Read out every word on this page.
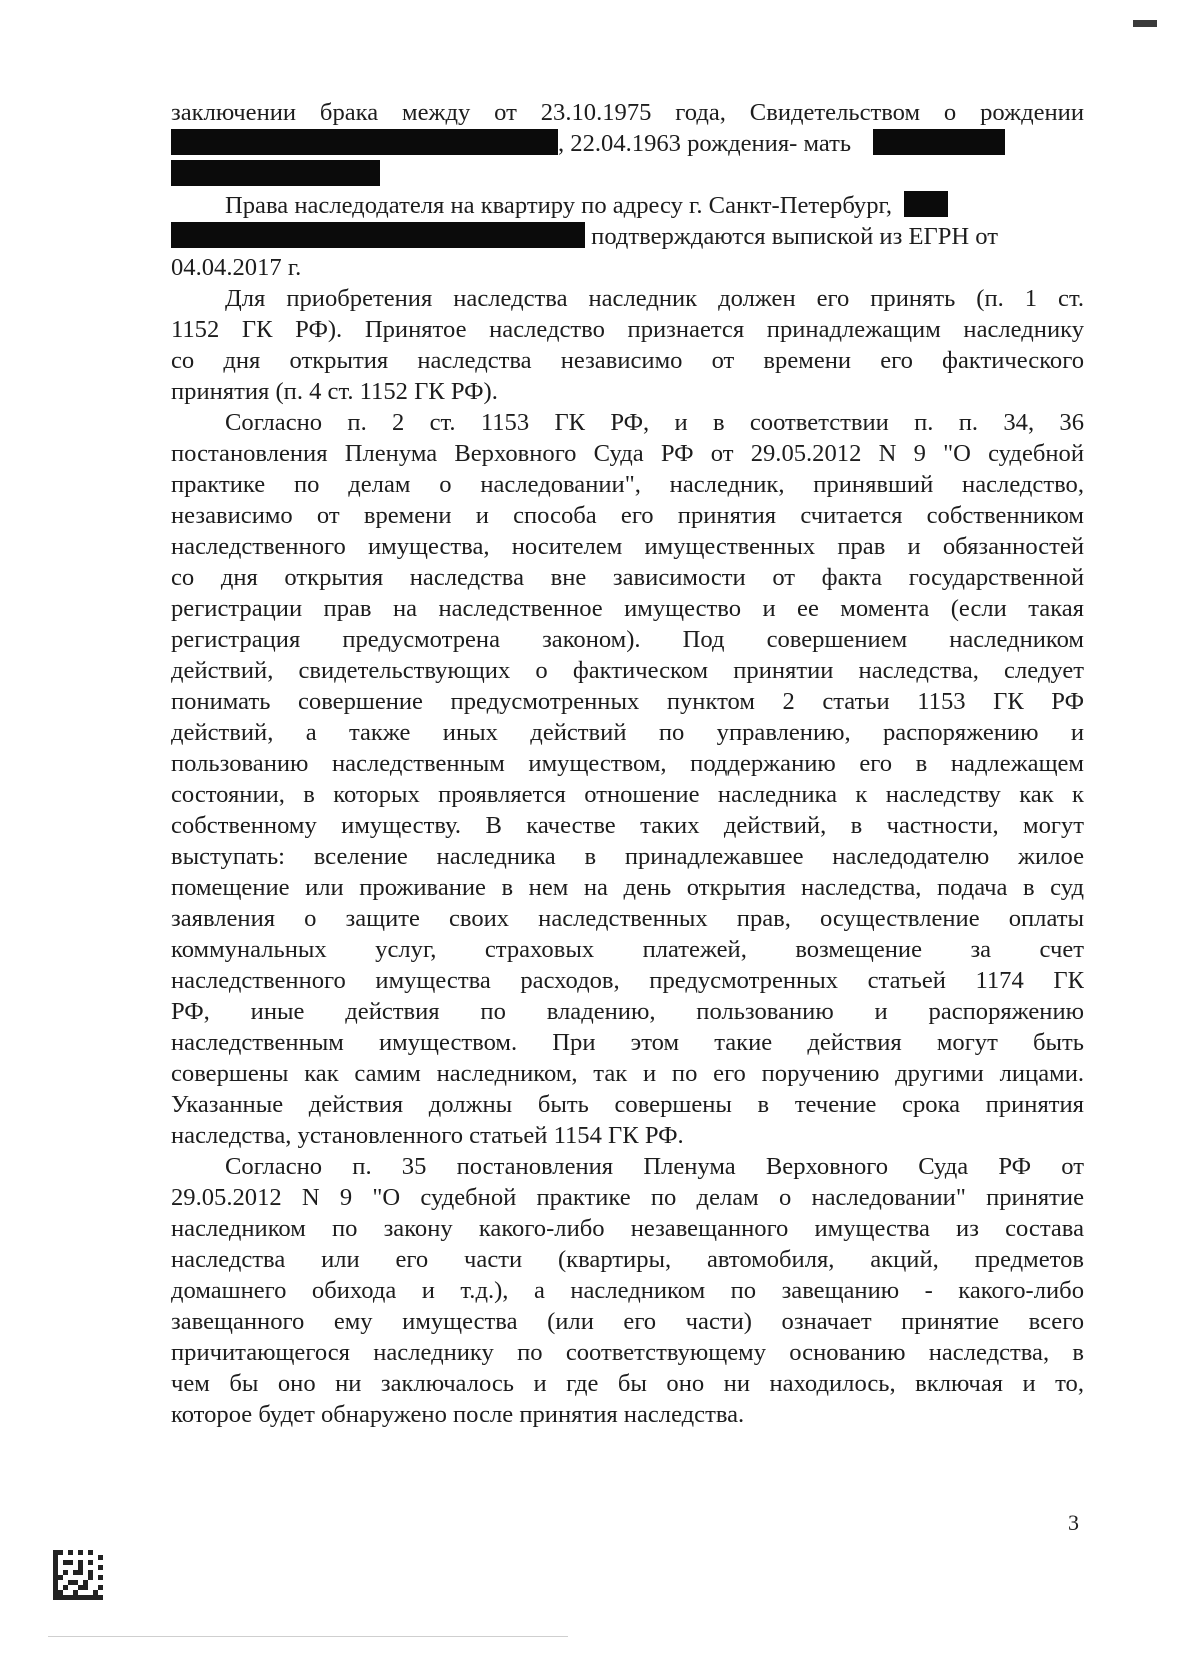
заключении брака между от 23.10.1975 года, Свидетельством о рождении
, 22.04.1963 рождения- мать
Права наследодателя на квартиру по адресу г. Санкт-Петербург,
подтверждаются выпиской из ЕГРН от
04.04.2017 г.
Для приобретения наследства наследник должен его принять (п. 1 ст.
1152 ГК РФ). Принятое наследство признается принадлежащим наследнику
со дня открытия наследства независимо от времени его фактического
принятия (п. 4 ст. 1152 ГК РФ).
Согласно п. 2 ст. 1153 ГК РФ, и в соответствии п. п. 34, 36
постановления Пленума Верховного Суда РФ от 29.05.2012 N 9 "О судебной
практике по делам о наследовании", наследник, принявший наследство,
независимо от времени и способа его принятия считается собственником
наследственного имущества, носителем имущественных прав и обязанностей
со дня открытия наследства вне зависимости от факта государственной
регистрации прав на наследственное имущество и ее момента (если такая
регистрация предусмотрена законом). Под совершением наследником
действий, свидетельствующих о фактическом принятии наследства, следует
понимать совершение предусмотренных пунктом 2 статьи 1153 ГК РФ
действий, а также иных действий по управлению, распоряжению и
пользованию наследственным имуществом, поддержанию его в надлежащем
состоянии, в которых проявляется отношение наследника к наследству как к
собственному имуществу. В качестве таких действий, в частности, могут
выступать: вселение наследника в принадлежавшее наследодателю жилое
помещение или проживание в нем на день открытия наследства, подача в суд
заявления о защите своих наследственных прав, осуществление оплаты
коммунальных услуг, страховых платежей, возмещение за счет
наследственного имущества расходов, предусмотренных статьей 1174 ГК
РФ, иные действия по владению, пользованию и распоряжению
наследственным имуществом. При этом такие действия могут быть
совершены как самим наследником, так и по его поручению другими лицами.
Указанные действия должны быть совершены в течение срока принятия
наследства, установленного статьей 1154 ГК РФ.
Согласно п. 35 постановления Пленума Верховного Суда РФ от
29.05.2012 N 9 "О судебной практике по делам о наследовании" принятие
наследником по закону какого-либо незавещанного имущества из состава
наследства или его части (квартиры, автомобиля, акций, предметов
домашнего обихода и т.д.), а наследником по завещанию - какого-либо
завещанного ему имущества (или его части) означает принятие всего
причитающегося наследнику по соответствующему основанию наследства, в
чем бы оно ни заключалось и где бы оно ни находилось, включая и то,
которое будет обнаружено после принятия наследства.
3
